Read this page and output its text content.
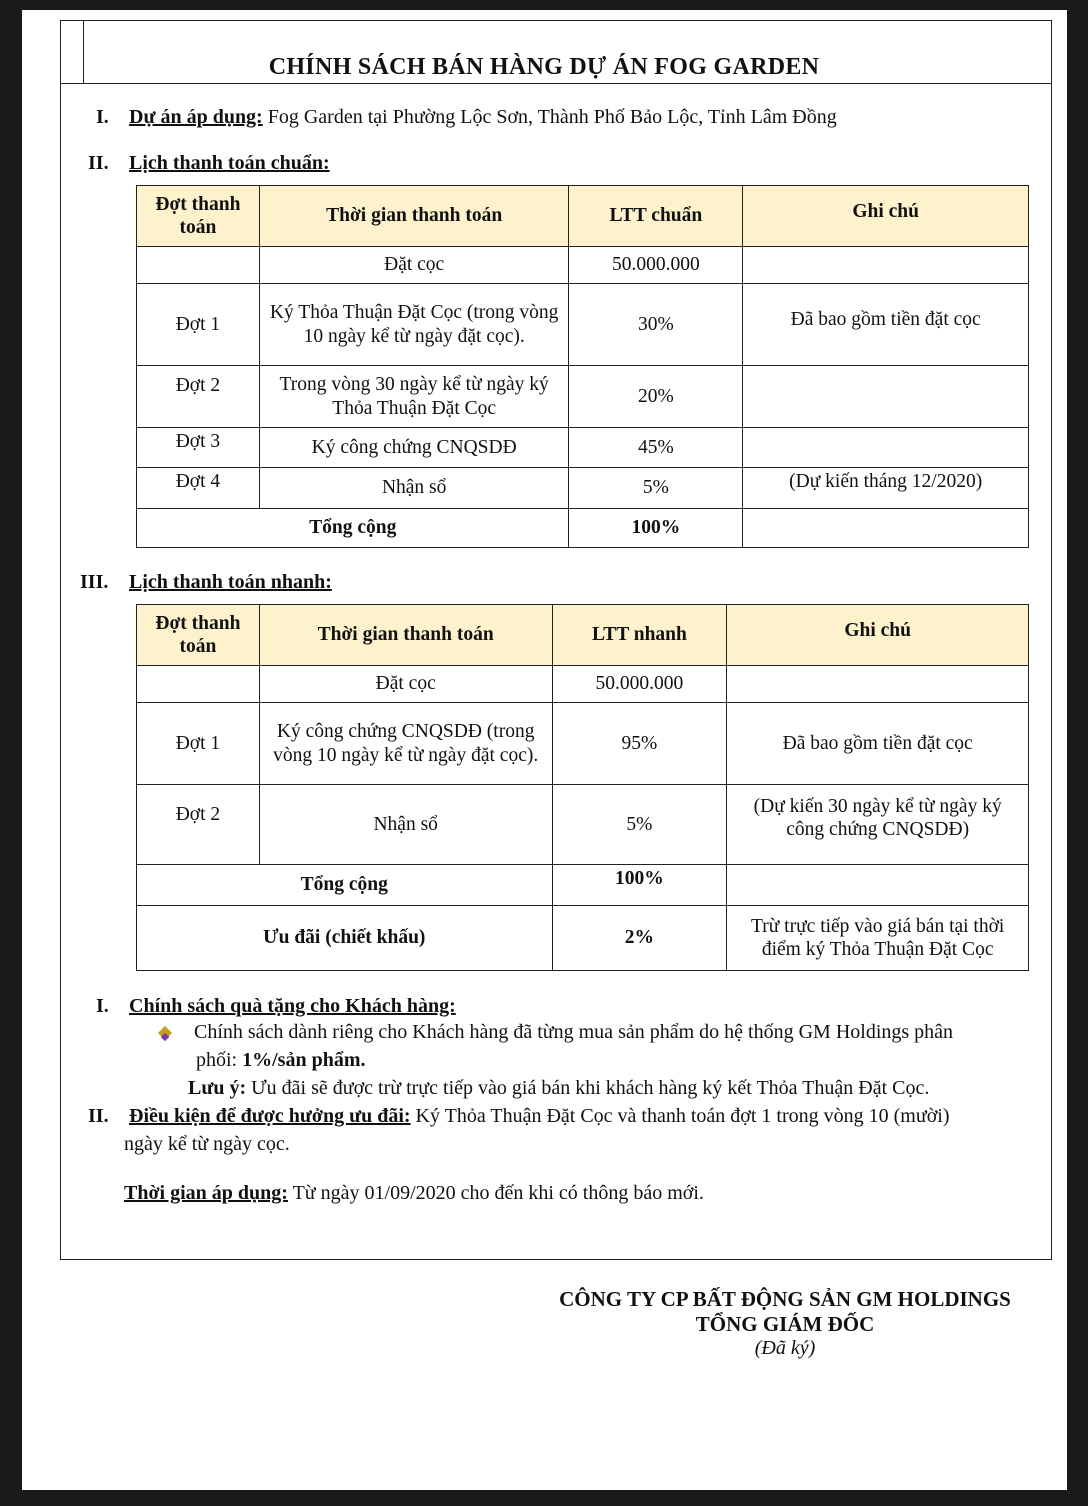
CHÍNH SÁCH BÁN HÀNG DỰ ÁN FOG GARDEN
I. Dự án áp dụng: Fog Garden tại Phường Lộc Sơn, Thành Phố Bảo Lộc, Tỉnh Lâm Đồng
II. Lịch thanh toán chuẩn:
Đợt thanh toán	Thời gian thanh toán	LTT chuẩn	Ghi chú
	Đặt cọc	50.000.000	
Đợt 1	Ký Thỏa Thuận Đặt Cọc (trong vòng 10 ngày kể từ ngày đặt cọc).	30%	Đã bao gồm tiền đặt cọc
Đợt 2	Trong vòng 30 ngày kể từ ngày ký Thỏa Thuận Đặt Cọc	20%	
Đợt 3	Ký công chứng CNQSDĐ	45%	
Đợt 4	Nhận sổ	5%	(Dự kiến tháng 12/2020)
Tổng cộng		100%	
III. Lịch thanh toán nhanh:
Đợt thanh toán	Thời gian thanh toán	LTT nhanh	Ghi chú
	Đặt cọc	50.000.000	
Đợt 1	Ký công chứng CNQSDĐ (trong vòng 10 ngày kể từ ngày đặt cọc).	95%	Đã bao gồm tiền đặt cọc
Đợt 2	Nhận sổ	5%	(Dự kiến 30 ngày kể từ ngày ký công chứng CNQSDĐ)
Tổng cộng		100%	
Ưu đãi (chiết khấu)		2%	Trừ trực tiếp vào giá bán tại thời điểm ký Thỏa Thuận Đặt Cọc
I. Chính sách quà tặng cho Khách hàng:
Chính sách dành riêng cho Khách hàng đã từng mua sản phẩm do hệ thống GM Holdings phân
phối: 1%/sản phẩm.
Lưu ý: Ưu đãi sẽ được trừ trực tiếp vào giá bán khi khách hàng ký kết Thỏa Thuận Đặt Cọc.
II. Điều kiện để được hưởng ưu đãi: Ký Thỏa Thuận Đặt Cọc và thanh toán đợt 1 trong vòng 10 (mười)
ngày kể từ ngày cọc.
Thời gian áp dụng: Từ ngày 01/09/2020 cho đến khi có thông báo mới.
CÔNG TY CP BẤT ĐỘNG SẢN GM HOLDINGS
TỔNG GIÁM ĐỐC
(Đã ký)
